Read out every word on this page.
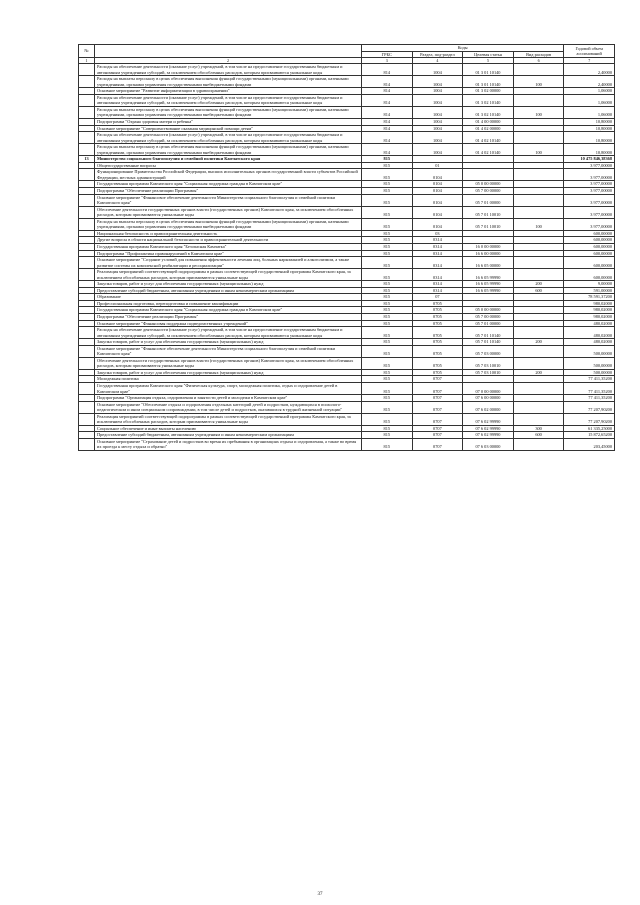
№		Коды				Годовой объем ассигнований
		ГРБС	Раздел, под-раздел	Целевая статья	Вид расходов	
1	2	3	4	5	6	7
	Расходы на обеспечение деятельности (оказание услуг) учреждений, в том числе на предоставление государственным бюджетным и автономным учреждениям субсидий, за исключением обособленных расходов, которым присваиваются уникальные коды	814	1004	01 3 01 10140		2,40000
	Расходы на выплаты персоналу в целях обеспечения выполнения функций государственными (муниципальными) органами, казенными учреждениями, органами управления государственными внебюджетными фондами	814	1004	01 3 01 10140	100	2,40000
	Основное мероприятие "Развитие информатизации в здравоохранении"	814	1004	01 3 02 00000		1,06000
	Расходы на обеспечение деятельности (оказание услуг) учреждений, в том числе на предоставление государственным бюджетным и автономным учреждениям субсидий, за исключением обособленных расходов, которым присваиваются уникальные коды	814	1004	01 3 02 10140		1,06000
	Расходы на выплаты персоналу в целях обеспечения выполнения функций государственными (муниципальными) органами, казенными учреждениями, органами управления государственными внебюджетными фондами	814	1004	01 3 02 10140	100	1,06000
	Подпрограмма "Охрана здоровья матери и ребенка"	814	1004	01 4 00 00000		10,80000
	Основное мероприятие "Совершенствование оказания медицинской помощи детям"	814	1004	01 4 02 00000		10,80000
	Расходы на обеспечение деятельности (оказание услуг) учреждений, в том числе на предоставление государственным бюджетным и автономным учреждениям субсидий, за исключением обособленных расходов, которым присваиваются уникальные коды	814	1004	01 4 02 10140		10,80000
	Расходы на выплаты персоналу в целях обеспечения выполнения функций государственными (муниципальными) органами, казенными учреждениями, органами управления государственными внебюджетными фондами	814	1004	01 4 02 10140	100	10,80000
13	Министерство социального благополучия и семейной политики Камчатского края	815				10 475 846,38368
	Общегосударственные вопросы	815	01			3 977,00000
	Функционирование Правительства Российской Федерации, высших исполнительных органов государственной власти субъектов Российской Федерации, местных администраций	815	0104			3 977,00000
	Государственная программа Камчатского края "Социальная поддержка граждан в Камчатском крае"	815	0104	05 0 00 00000		3 977,00000
	Подпрограмма "Обеспечение реализации Программы"	815	0104	05 7 00 00000		3 977,00000
	Основное мероприятие "Финансовое обеспечение деятельности Министерства социального благополучия и семейной политики Камчатского края"	815	0104	05 7 01 00000		3 977,00000
	Обеспечение деятельности государственных органов власти (государственных органов) Камчатского края, за исключением обособленных расходов, которым присваиваются уникальные коды	815	0104	05 7 01 10010		3 977,00000
	Расходы на выплаты персоналу в целях обеспечения выполнения функций государственными (муниципальными) органами, казенными учреждениями, органами управления государственными внебюджетными фондами	815	0104	05 7 01 10010	100	3 977,00000
	Национальная безопасность и правоохранительная деятельность	815	03			600,00000
	Другие вопросы в области национальной безопасности и правоохранительной деятельности	815	0314			600,00000
	Государственная программа Камчатского края "Безопасная Камчатка"	815	0314	16 0 00 00000		600,00000
	Подпрограмма "Профилактика правонарушений в Камчатском крае"	815	0314	16 6 00 00000		600,00000
	Основное мероприятие "Создание условий для повышения эффективности лечения лиц, больных наркоманией и алкоголизмом, а также развитие системы их комплексной реабилитации и ресоциализации"	815	0314	16 6 05 00000		600,00000
	Реализация мероприятий соответствующей подпрограммы в рамках соответствующей государственной программы Камчатского края, за исключением обособленных расходов, которым присваиваются уникальные коды	815	0314	16 6 05 99990		600,00000
	Закупка товаров, работ и услуг для обеспечения государственных (муниципальных) нужд	815	0314	16 6 05 99990	200	9,00000
	Предоставление субсидий бюджетным, автономным учреждениям и иным некоммерческим организациям	815	0314	16 6 05 99990	600	591,00000
	Образование	815	07			78 591,37200
	Профессиональная подготовка, переподготовка и повышение квалификации	815	0705			980,02000
	Государственная программа Камчатского края "Социальная поддержка граждан в Камчатском крае"	815	0705	05 0 00 00000		980,02000
	Подпрограмма "Обеспечение реализации Программы"	815	0705	05 7 00 00000		980,02000
	Основное мероприятие "Финансовая поддержка подведомственных учреждений"	815	0705	05 7 01 00000		480,02000
	Расходы на обеспечение деятельности (оказание услуг) учреждений, в том числе на предоставление государственным бюджетным и автономным учреждениям субсидий, за исключением обособленных расходов, которым присваиваются уникальные коды	815	0705	05 7 01 10140		480,02000
	Закупка товаров, работ и услуг для обеспечения государственных (муниципальных) нужд	815	0705	05 7 01 10140	200	480,02000
	Основное мероприятие "Финансовое обеспечение деятельности Министерства социального благополучия и семейной политики Камчатского края"	815	0705	05 7 03 00000		500,00000
	Обеспечение деятельности государственных органов власти (государственных органов) Камчатского края, за исключением обособленных расходов, которым присваиваются уникальные коды	815	0705	05 7 03 10010		500,00000
	Закупка товаров, работ и услуг для обеспечения государственных (муниципальных) нужд	815	0705	05 7 03 10010	200	500,00000
	Молодежная политика	815	0707			77 411,35200
	Государственная программа Камчатского края "Физическая культура, спорт, молодежная политика, отдых и оздоровление детей в Камчатском крае"	815	0707	07 0 00 00000		77 411,35200
	Подпрограмма "Организация отдыха, оздоровления и занятости детей и молодежи в Камчатском крае"	815	0707	07 6 00 00000		77 411,35200
	Основное мероприятие "Обеспечение отдыха и оздоровления отдельных категорий детей и подростков, нуждающихся в психолого-педагогическом и ином специальном сопровождении, в том числе детей и подростков, оказавшихся в трудной жизненной ситуации"	815	0707	07 6 02 00000		77 207,90200
	Реализация мероприятий соответствующей подпрограммы в рамках соответствующей государственной программы Камчатского края, за исключением обособленных расходов, которым присваиваются уникальные коды	815	0707	07 6 02 99990		77 207,90200
	Социальное обеспечение и иные выплаты населению	815	0707	07 6 02 99990	300	61 335,25000
	Предоставление субсидий бюджетным, автономным учреждениям и иным некоммерческим организациям	815	0707	07 6 02 99990	600	15 872,65200
	Основное мероприятие "Страхование детей и подростков во время их пребывания в организациях отдыха и оздоровления, а также во время их проезда к месту отдыха и обратно"	815	0707	07 6 03 00000		203,45000
37
